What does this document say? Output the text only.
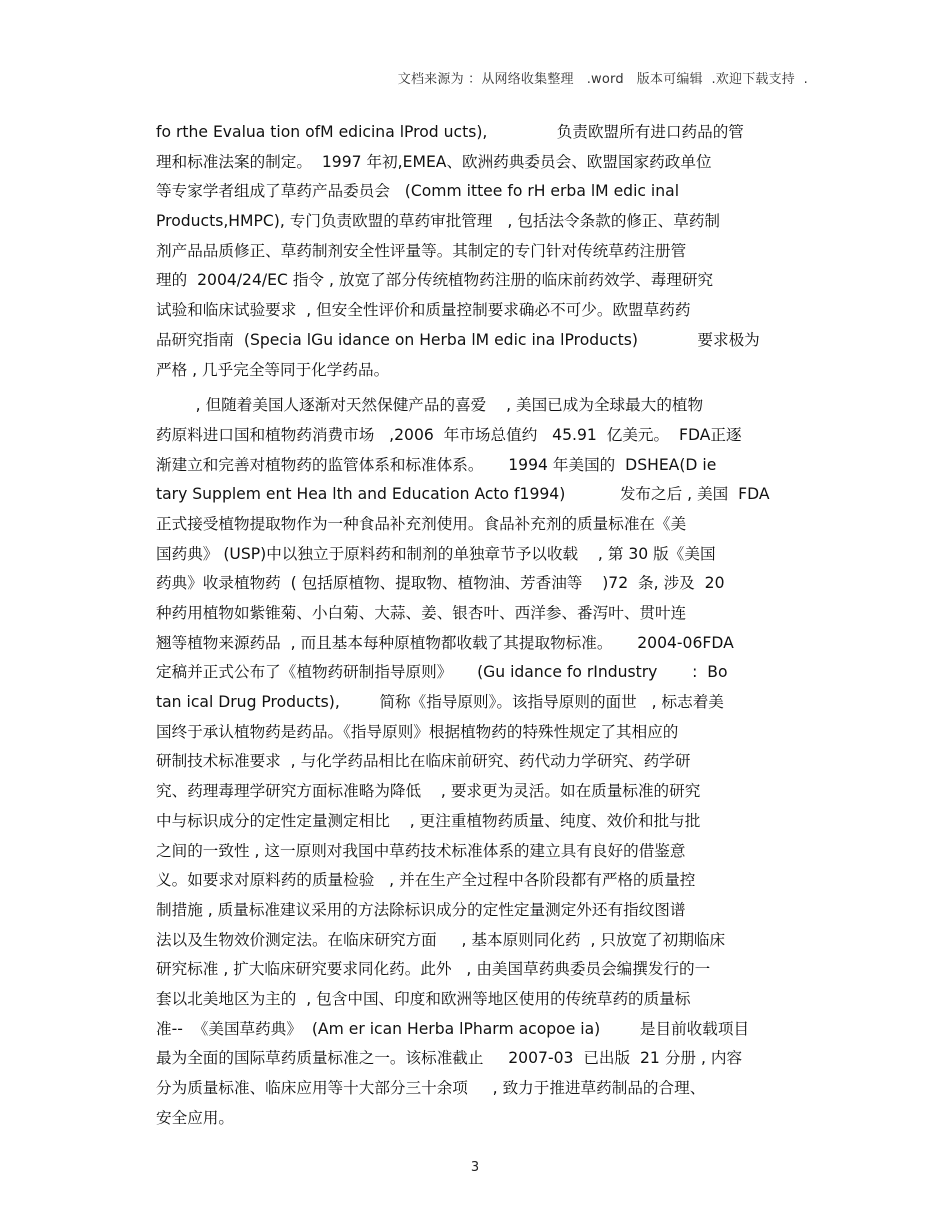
文档来源为 ：从网络收集整理   .word   版本可编辑  .欢迎下载支持  .
fo rthe Evalua tion ofM edicina lProd ucts),              负责欧盟所有进口药品的管
理和标准法案的制定。  1997 年初,EMEA、欧洲药典委员会、欧盟国家药政单位
等专家学者组成了草药产品委员会   (Comm ittee fo rH erba lM edic inal
Products,HMPC), 专门负责欧盟的草药审批管理   , 包括法令条款的修正、草药制
剂产品品质修正、草药制剂安全性评量等。其制定的专门针对传统草药注册管
理的  2004/24/EC 指令 , 放宽了部分传统植物药注册的临床前药效学、毒理研究
试验和临床试验要求  , 但安全性评价和质量控制要求确必不可少。欧盟草药药
品研究指南  (Specia lGu idance on Herba lM edic ina lProducts)            要求极为
严格 , 几乎完全等同于化学药品。
, 但随着美国人逐渐对天然保健产品的喜爱    , 美国已成为全球最大的植物
药原料进口国和植物药消费市场   ,2006  年市场总值约   45.91  亿美元。  FDA正逐
渐建立和完善对植物药的监管体系和标准体系。     1994 年美国的  DSHEA(D ie
tary Supplem ent Hea lth and Education Acto f1994)           发布之后 , 美国  FDA
正式接受植物提取物作为一种食品补充剂使用。食品补充剂的质量标准在《美
国药典》 (USP)中以独立于原料药和制剂的单独章节予以收载    , 第 30 版《美国
药典》收录植物药  ( 包括原植物、提取物、植物油、芳香油等    )72  条, 涉及  20
种药用植物如紫锥菊、小白菊、大蒜、姜、银杏叶、西洋参、番泻叶、贯叶连
翘等植物来源药品  , 而且基本每种原植物都收载了其提取物标准。     2004-06FDA
定稿并正式公布了《植物药研制指导原则》     (Gu idance fo rIndustry       :  Bo
tan ical Drug Products),        简称《指导原则》。该指导原则的面世   , 标志着美
国终于承认植物药是药品。《指导原则》根据植物药的特殊性规定了其相应的
研制技术标准要求  , 与化学药品相比在临床前研究、药代动力学研究、药学研
究、药理毒理学研究方面标准略为降低    , 要求更为灵活。如在质量标准的研究
中与标识成分的定性定量测定相比    , 更注重植物药质量、纯度、效价和批与批
之间的一致性 , 这一原则对我国中草药技术标准体系的建立具有良好的借鉴意
义。如要求对原料药的质量检验   , 并在生产全过程中各阶段都有严格的质量控
制措施 , 质量标准建议采用的方法除标识成分的定性定量测定外还有指纹图谱
法以及生物效价测定法。在临床研究方面     , 基本原则同化药  , 只放宽了初期临床
研究标准 , 扩大临床研究要求同化药。此外   , 由美国草药典委员会编撰发行的一
套以北美地区为主的  , 包含中国、印度和欧洲等地区使用的传统草药的质量标
准--  《美国草药典》  (Am er ican Herba lPharm acopoe ia)        是目前收载项目
最为全面的国际草药质量标准之一。该标准截止     2007-03  已出版  21 分册 , 内容
分为质量标准、临床应用等十大部分三十余项     , 致力于推进草药制品的合理、
安全应用。
3
